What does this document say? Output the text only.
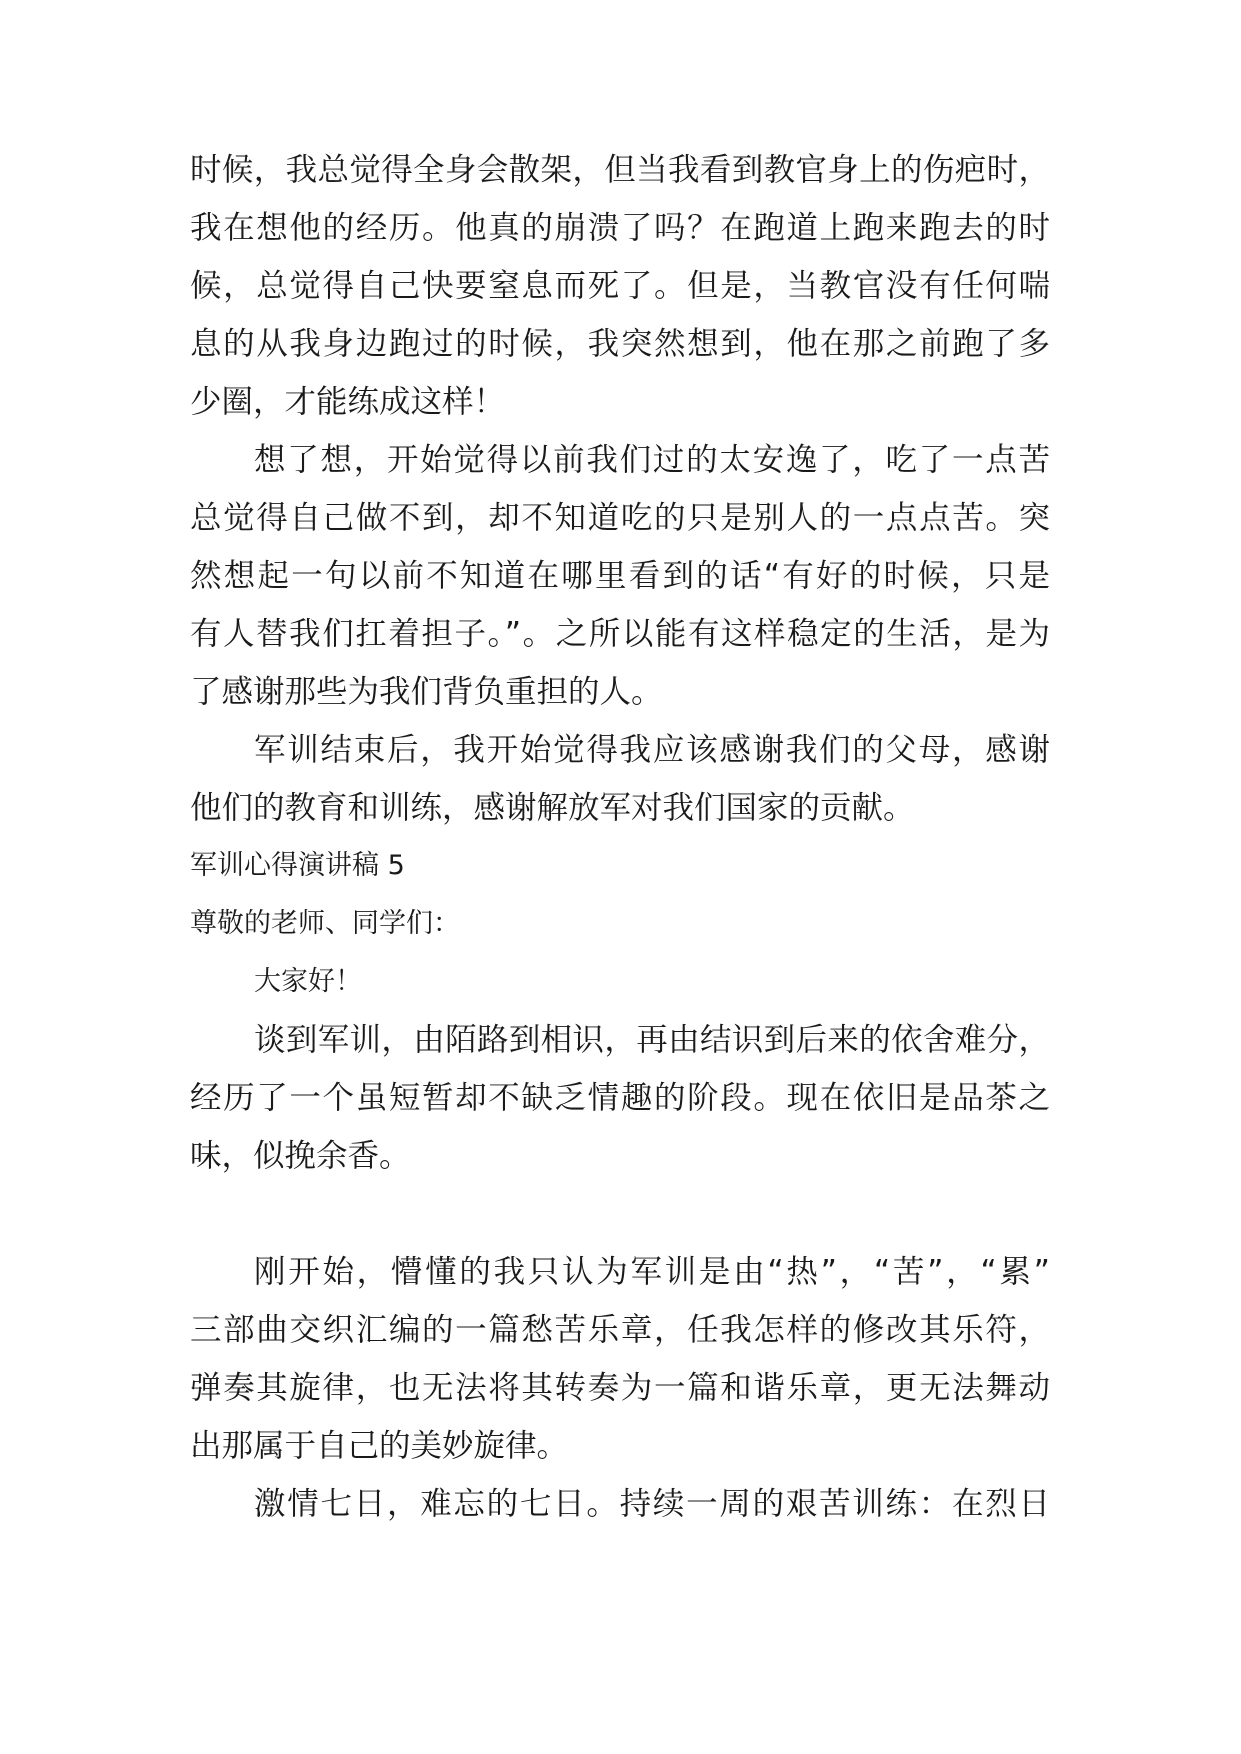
时候，我总觉得全身会散架，但当我看到教官身上的伤疤时，
我在想他的经历。他真的崩溃了吗？在跑道上跑来跑去的时
候，总觉得自己快要窒息而死了。但是，当教官没有任何喘
息的从我身边跑过的时候，我突然想到，他在那之前跑了多
少圈，才能练成这样！
想了想，开始觉得以前我们过的太安逸了，吃了一点苦
总觉得自己做不到，却不知道吃的只是别人的一点点苦。突
然想起一句以前不知道在哪里看到的话“有好的时候，只是
有人替我们扛着担子。”。之所以能有这样稳定的生活，是为
了感谢那些为我们背负重担的人。
军训结束后，我开始觉得我应该感谢我们的父母，感谢
他们的教育和训练，感谢解放军对我们国家的贡献。
军训心得演讲稿 5
尊敬的老师、同学们：
大家好！
谈到军训，由陌路到相识，再由结识到后来的依舍难分，
经历了一个虽短暂却不缺乏情趣的阶段。现在依旧是品茶之
味，似挽余香。
刚开始，懵懂的我只认为军训是由“热”，“苦”，“累”
三部曲交织汇编的一篇愁苦乐章，任我怎样的修改其乐符，
弹奏其旋律，也无法将其转奏为一篇和谐乐章，更无法舞动
出那属于自己的美妙旋律。
激情七日，难忘的七日。持续一周的艰苦训练：在烈日
